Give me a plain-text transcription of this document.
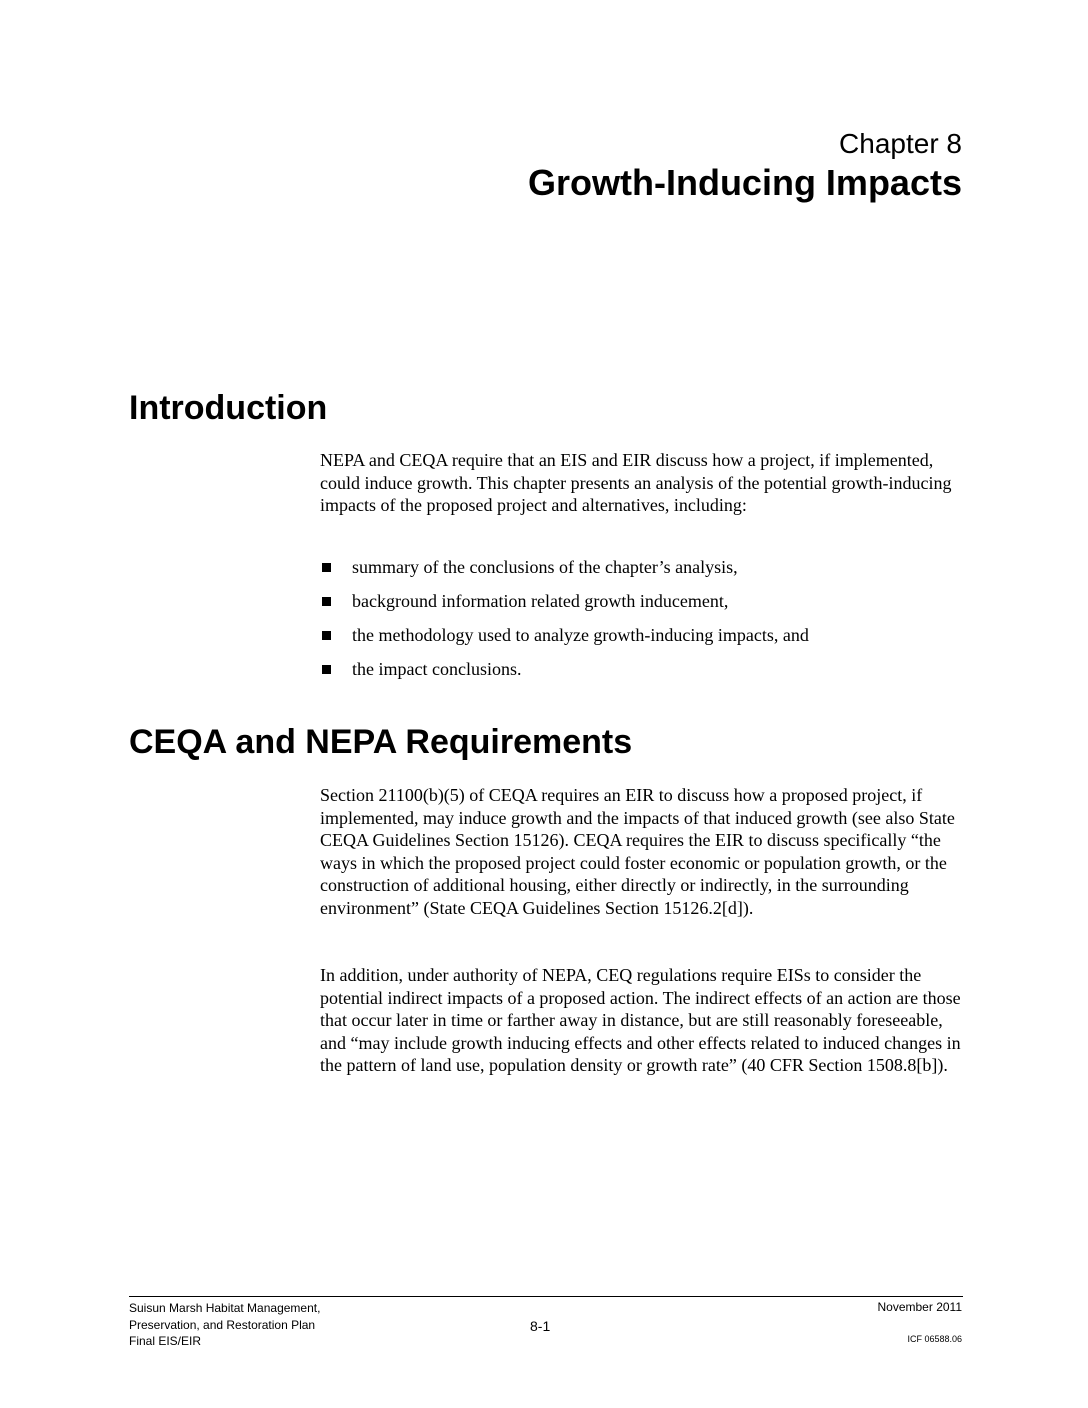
Chapter 8
Growth-Inducing Impacts
Introduction

NEPA and CEQA require that an EIS and EIR discuss how a project, if implemented, could induce growth. This chapter presents an analysis of the potential growth-inducing impacts of the proposed project and alternatives, including:

summary of the conclusions of the chapter’s analysis,
background information related growth inducement,
the methodology used to analyze growth-inducing impacts, and
the impact conclusions.
CEQA and NEPA Requirements

Section 21100(b)(5) of CEQA requires an EIR to discuss how a proposed project, if implemented, may induce growth and the impacts of that induced growth (see also State CEQA Guidelines Section 15126). CEQA requires the EIR to discuss specifically “the ways in which the proposed project could foster economic or population growth, or the construction of additional housing, either directly or indirectly, in the surrounding environment” (State CEQA Guidelines Section 15126.2[d]).

In addition, under authority of NEPA, CEQ regulations require EISs to consider the potential indirect impacts of a proposed action. The indirect effects of an action are those that occur later in time or farther away in distance, but are still reasonably foreseeable, and “may include growth inducing effects and other effects related to induced changes in the pattern of land use, population density or growth rate” (40 CFR Section 1508.8[b]).

Suisun Marsh Habitat Management,
Preservation, and Restoration Plan
Final EIS/EIR
8-1
November 2011
ICF 06588.06
